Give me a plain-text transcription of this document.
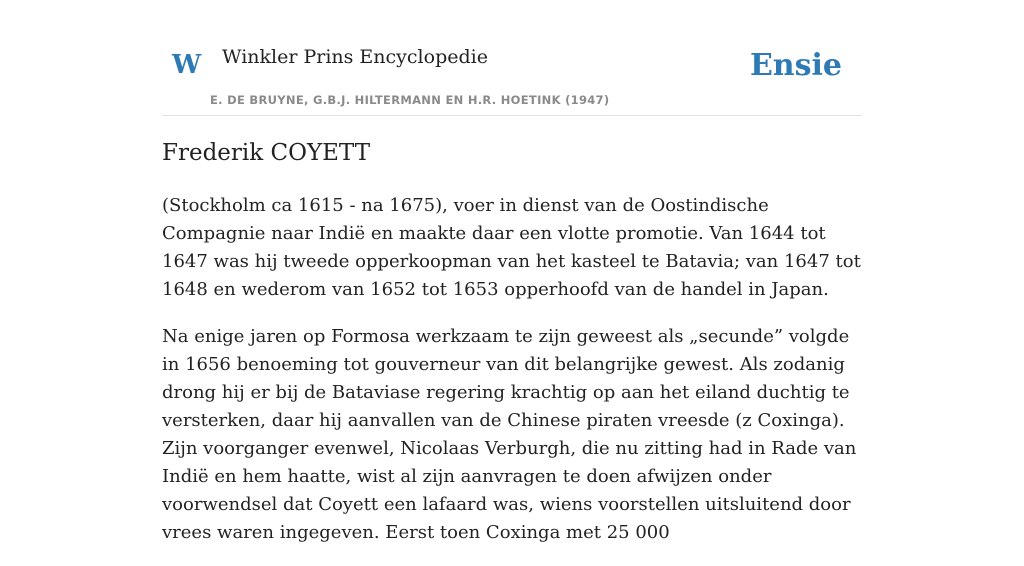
W Winkler Prins Encyclopedie
E. DE BRUYNE, G.B.J. HILTERMANN EN H.R. HOETINK (1947)
Ensie
Frederik COYETT

(Stockholm ca 1615 - na 1675), voer in dienst van de Oostindische Compagnie naar Indië en maakte daar een vlotte promotie. Van 1644 tot 1647 was hij tweede opperkoopman van het kasteel te Batavia; van 1647 tot 1648 en wederom van 1652 tot 1653 opperhoofd van de handel in Japan.

Na enige jaren op Formosa werkzaam te zijn geweest als „secunde” volgde in 1656 benoeming tot gouverneur van dit belangrijke gewest. Als zodanig drong hij er bij de Bataviase regering krachtig op aan het eiland duchtig te versterken, daar hij aanvallen van de Chinese piraten vreesde (z Coxinga). Zijn voorganger evenwel, Nicolaas Verburgh, die nu zitting had in Rade van Indië en hem haatte, wist al zijn aanvragen te doen afwijzen onder voorwendsel dat Coyett een lafaard was, wiens voorstellen uitsluitend door vrees waren ingegeven. Eerst toen Coxinga met 25 000
